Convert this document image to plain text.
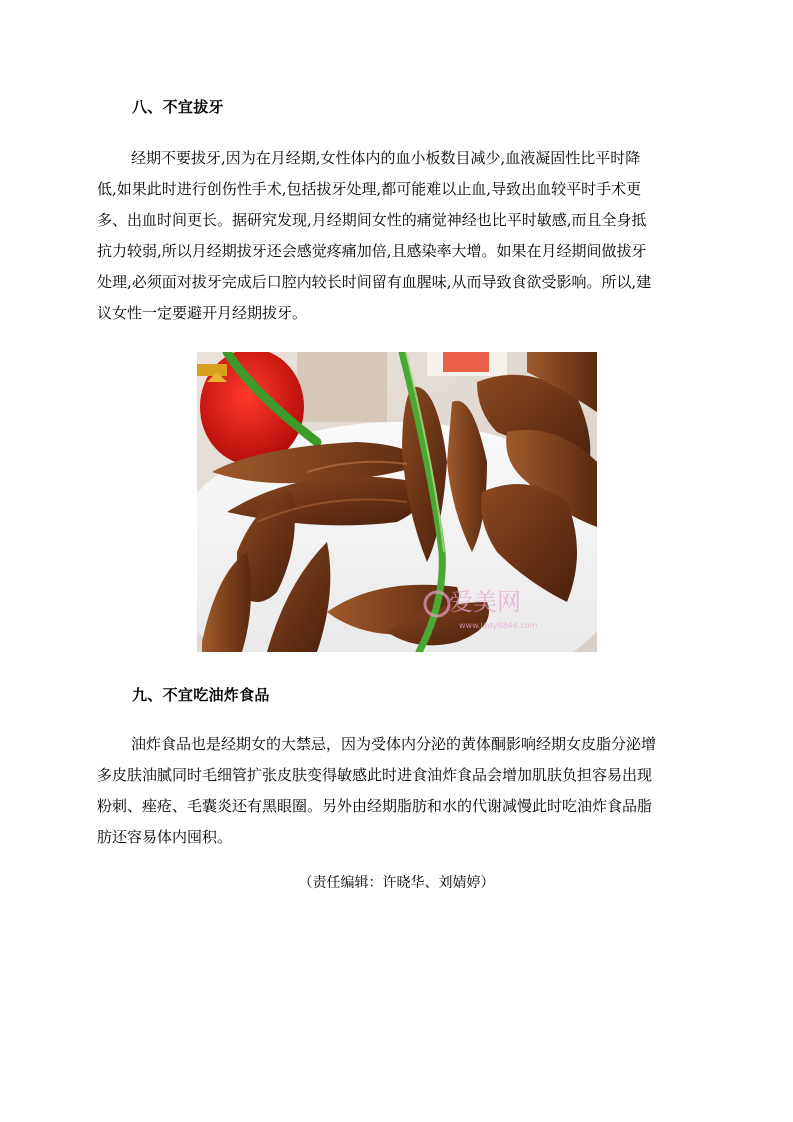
八、不宜拔牙
经期不要拔牙,因为在月经期,女性体内的血小板数目减少,血液凝固性比平时降
低,如果此时进行创伤性手术,包括拔牙处理,都可能难以止血,导致出血较平时手术更
多、出血时间更长。据研究发现,月经期间女性的痛觉神经也比平时敏感,而且全身抵
抗力较弱,所以月经期拔牙还会感觉疼痛加倍,且感染率大增。如果在月经期间做拔牙
处理,必须面对拔牙完成后口腔内较长时间留有血腥味,从而导致食欲受影响。所以,建
议女性一定要避开月经期拔牙。
爱美网
www.lady8844.com
九、不宜吃油炸食品
油炸食品也是经期女的大禁忌，因为受体内分泌的黄体酮影响经期女皮脂分泌增
多皮肤油腻同时毛细管扩张皮肤变得敏感此时进食油炸食品会增加肌肤负担容易出现
粉刺、痤疮、毛囊炎还有黑眼圈。另外由经期脂肪和水的代谢减慢此时吃油炸食品脂
肪还容易体内囤积。
（责任编辑：许晓华、刘婧婷）
